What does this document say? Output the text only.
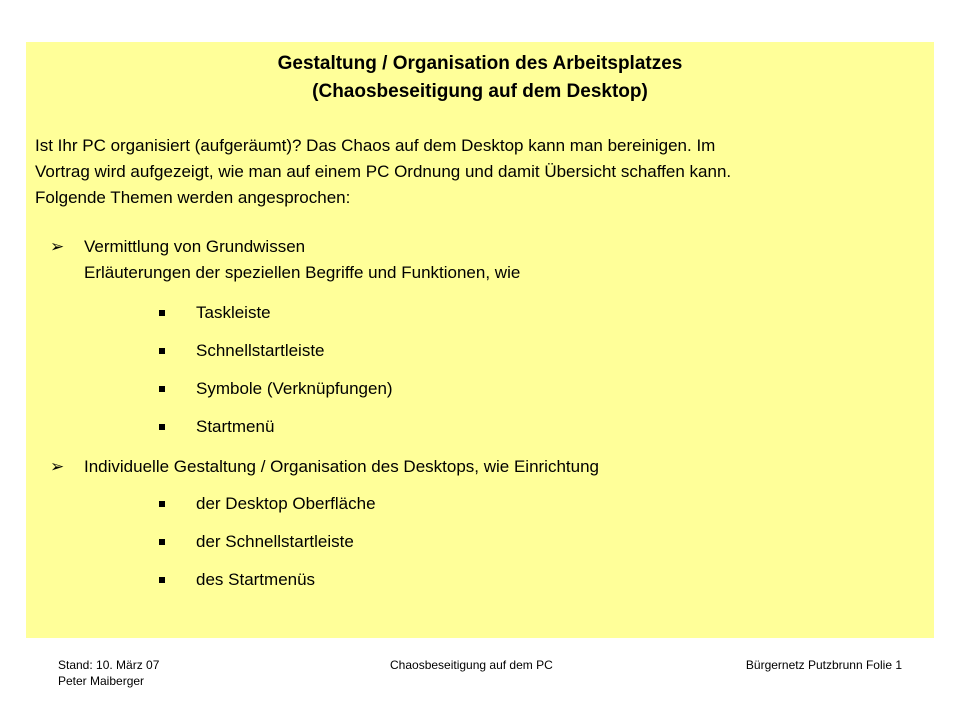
Gestaltung / Organisation des Arbeitsplatzes
(Chaosbeseitigung auf dem Desktop)
Ist Ihr PC organisiert (aufgeräumt)? Das Chaos auf dem Desktop kann man bereinigen. Im
Vortrag wird aufgezeigt, wie man auf einem PC Ordnung und damit Übersicht schaffen kann.
Folgende Themen werden angesprochen:
➢ Vermittlung von Grundwissen
Erläuterungen der speziellen Begriffe und Funktionen, wie
Taskleiste
Schnellstartleiste
Symbole (Verknüpfungen)
Startmenü
➢ Individuelle Gestaltung / Organisation des Desktops, wie Einrichtung
der Desktop Oberfläche
der Schnellstartleiste
des Startmenüs
Stand: 10. März 07
Peter Maiberger
Chaosbeseitigung auf dem PC	Bürgernetz Putzbrunn Folie 1
